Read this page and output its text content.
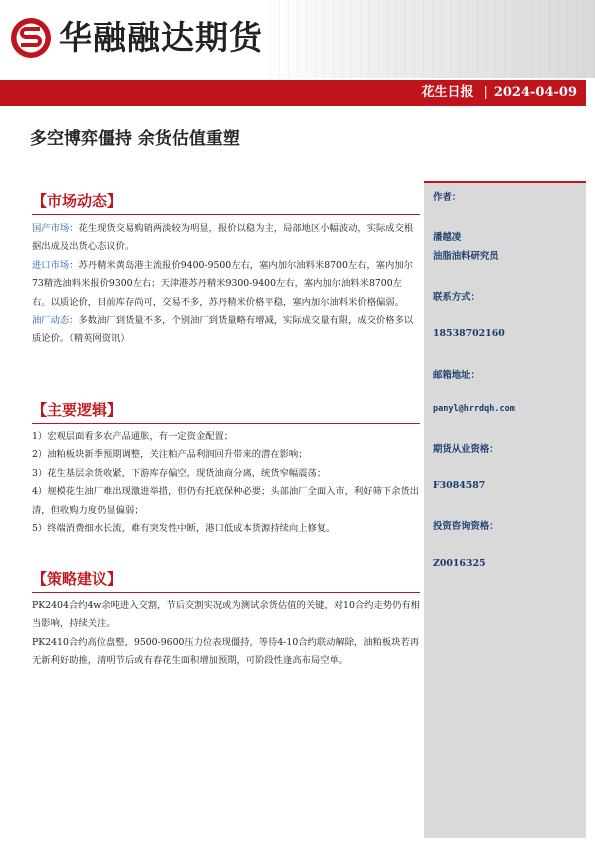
华融融达期货
花生日报 | 2024-04-09
多空博弈僵持 余货估值重塑
【市场动态】

国产市场：花生现货交易购销两淡较为明显，报价以稳为主，局部地区小幅波动，实际成交根据出成及出货心态议价。

进口市场：苏丹精米黄岛港主流报价9400-9500左右，塞内加尔油料米8700左右，塞内加尔73精选油料米报价9300左右；天津港苏丹精米9300-9400左右，塞内加尔油料米8700左右。以质论价，目前库存尚可，交易不多，苏丹精米价格平稳，塞内加尔油料米价格偏弱。

油厂动态：多数油厂到货量不多，个别油厂到货量略有增减，实际成交量有限，成交价格多以质论价。（精英网资讯）

【主要逻辑】

1）宏观层面看多农产品通胀，有一定资金配置；

2）油粕板块新季预期调整，关注粕产品利润回升带来的潜在影响；

3）花生基层余货收紧，下游库存偏空，现货油商分离，统货窄幅震荡；

4）规模花生油厂难出现激进举措，但仍有托底保种必要；头部油厂全面入市，利好筛下余货出清，但收购力度仍显偏弱；

5）终端消费细水长流，难有突发性中断，港口低成本货源持续向上修复。

【策略建议】

PK2404合约4w余吨进入交割，节后交割实况或为测试余货估值的关键，对10合约走势仍有相当影响，持续关注。

PK2410合约高位盘整，9500-9600压力位表现僵持，等待4-10合约联动解除，油粕板块若再无新利好助推，清明节后或有春花生面积增加预期，可阶段性逢高布局空单。

作者：
潘越凌
油脂油料研究员
联系方式：
18538702160
邮箱地址：
panyl@hrrdqh.com
期货从业资格：
F3084587
投资咨询资格：
Z0016325
